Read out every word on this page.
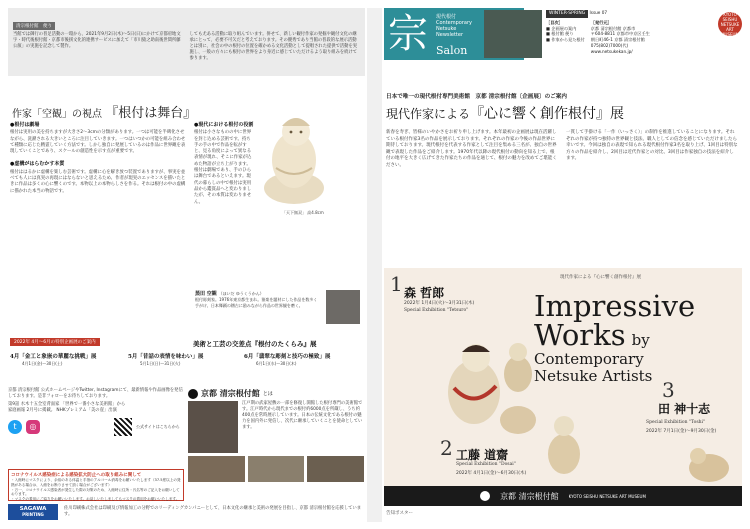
清宗根付館　便り
当館では御行の普足活動の一環から、2021年9月2日(木)〜5日(日)にかけて京都府地文字・時代後根付館・京都市後援文化的連携サービスに加えて「市川猿之助南後世間所藤公演」の実施を記念して製作。
しても尤ある活動に取り組んでいます。併せて、新しい観付作家の発掘や観付文化の継承にとって、必要不可欠だと考えております。その優秀であり当館の普段的な展示活動とは別に、社会の中の根付の位置を確かめる文化活動として提唱された提供で活動を実施し、一般の方々にも根付の世界をより身近に感じていただけるよう取り組みを続けて参ります。
作家「空観」の視点 『根付は舞台』
●根付は劇場
根付は実用の美を持ちますが大きさ2〜3cmの分類があります。一つは可能を半碑化させながら、洗濯される大きいところに注目していきます。一つはいつかの可能を組み合わせて種類に応じた精霊していく方法です。しかし独自に発展しているのは作品に世界観を表現していくことであり、スケールの創造性を示す点が重要です。
●虚構がはらむかす本質
根付ははるかに虚構を楽しむ芸術です。虚構に心を解き放つ装置でありますが、事実を並べても人には真実の再現にはならないと思えるため、作者が現実のエッセンスを描いたときに作品は多くの心に響くのです。本物以上の本物らしさを作る。それは根付の中の虚構に描かれた本当の物語です。
●現代における根付の役割
根付は小さなものの中に世界を封じ込める芸術です。持ち手の手の中で作品を転がすと、見る角度によって異なる表情が現れ、そこに作家が込めた物語が立ち上がります。根付は劇場であり、手のひらは舞台であるといえます。現代の暮らしの中で根付は実用品から鑑賞品へと変わりましたが、その本質は変わりません。
「天下無双」 高4.8cm
蒸田 空観 （ほいだ ゆうくうかん）
根付彫刻家。1976年東京都生まれ。猿楽を題材にした作品を数多く手がけ、日本舞踊の稽古に励みながら作品の世界観を磨く。
2022年 4月〜6月の特別企画展のご案内	美術と工芸の交差点『根付のたくらみ』展
4月「金工と象嵌の華麗な挑戦」展
4月1日(金)〜30日(土)
5月「昔話の表情を味わい」展
5月1日(日)〜31日(火)
6月「翡翠な彫刻と技巧の極致」展
6月1日(水)〜30日(木)
京都 清宗根付館 公式ホームページやTwitter, Instagramにて、最新情報や作品画像を発信しております。是非フォローをお待ちしております。
第9話 水木十五全室背面家 「世界で一番小さな美術館」から
家庭画報 2月号に掲載。 NHKプレミアム「美の壺」出演
t	◎	公式サイトはこちらから
京都 清宗根付館 とは
江戸期の武家屋敷の一部を修復し開館した根付専門の美術館です。江戸時代から現代までの根付約6000点を所蔵し、うち約400点を常時展示しています。日本の伝統文化である根付の魅力を国内外に発信し、次代に継承していくことを使命としています。
コロナウイルス感染症による感染拡大防止への取り組みに関して
・入館時にマスクにより、余裕のある体温と手指のアルコール消毒をお願いいたします（37.5度以上の発熱がある場合は、入館をお断りさせて頂く場合がございます）
・万一、コロナウイルス感染者が発生した際の対策のため、入館時に住所・氏名等のご記入をお願いしております。
・マスクの着用にご協力をお願いいたします。お話しいたしましてもマスクの着用をお願いいたします。
SAGAWA
PRINTING
佐川印刷株式会社は印刷及び情報加工の分野でのリーディングカンパニーとして、日本文化の継承と美術の発展を目指し、京都 清宗根付館を応援しています。
宗 現代根付
Contemporary Netsuke Newsletter
Salon
WINTER-SPRING Issue 07
［目次］
■ 企画展の案内
■ 根付館 便り
■ 作家から見た根付
［発行元］
京都 清宗根付館 京都市
〒604-8811 京都市中京区壬生
朝日町46-1 京都 清宗根付館
075(802)7000(代)
www.netsukekan.jp/
KYOTO SEISHU NETSUKE ART MUSEUM
日本で唯一の現代根付専門美術館　京都 清宗根付館〔企画展〕のご案内
現代作家による『心に響く創作根付』展
新春を寿ぎ、皆様のいやかさをお祈り申し上げます。本年最初の企画展は現在活躍している根付作家3名の作品を展示しております。それぞれの作家の今後の作品世界に期待しております。現代根付を代表する作家として注目を集める三名が、独自の世界観で表現した作品をご紹介します。1970年代以降の現代根付の動向を知る上で、根付の地平を大きく広げてきた作家たちの作品を通じて、根付の魅力を改めてご堪能ください。
一貫して手掛ける「一作（いっさく）」の制作を推進していることになります。それぞれの作家が持つ独特の世界観と技法、職人としての信念を感じていただけましたら幸いです。今回は独自の表現で知られる現代根付作家3名を取り上げ、1回目は特別な方々の作品を紹介し、2回目は近代作家との対比、3回目は作家独自の技法を紹介します。
現代作家による『心に響く創作根付』展
Impressive
Works by
Contemporary
Netsuke Artists
1 森 哲郎
2022年 1月4日(火)〜3月31日(木)
Special Exhibition "Tetsuro"
2 工藤 道齋
Special Exhibition "Dosai"
2022年 4月1日(金)〜6月30日(木)
3
田 神十志
Special Exhibition "Toshi"
2022年 7月1日(金)〜9月30日(金)
京都 清宗根付館	KYOTO SEISHU NETSUKE ART MUSEUM
告知ポスター
